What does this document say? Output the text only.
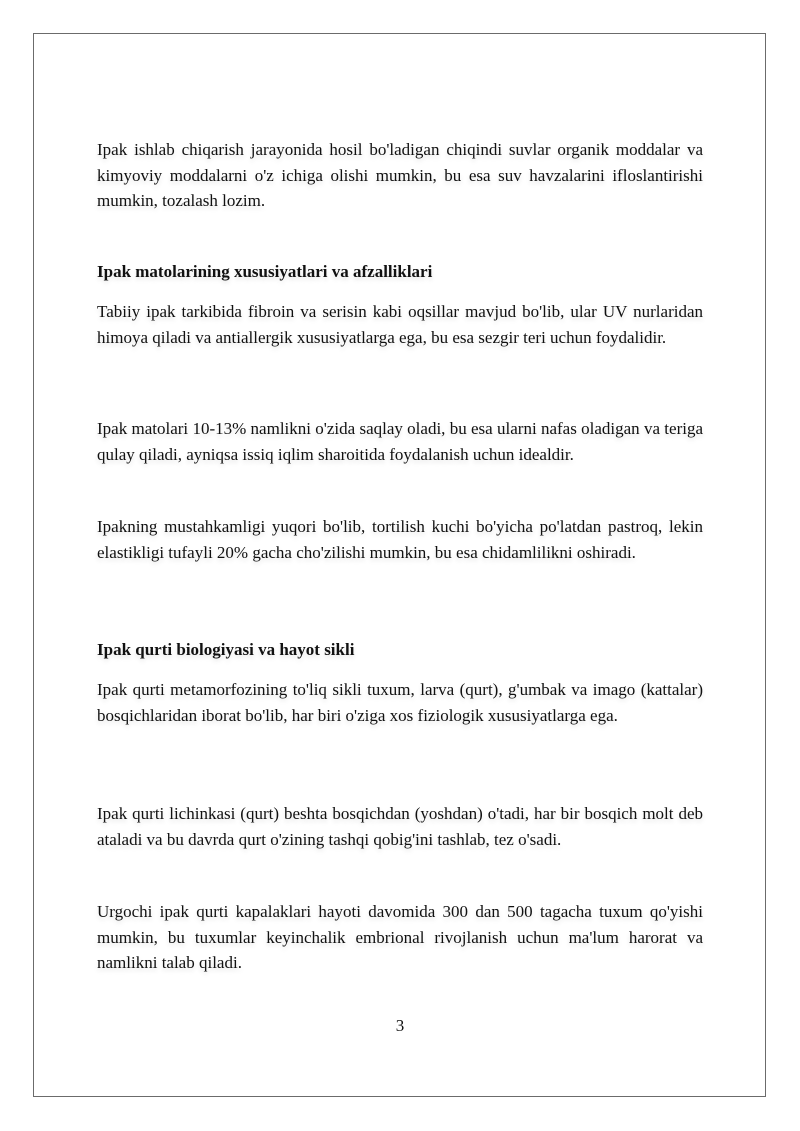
Ipak ishlab chiqarish jarayonida hosil bo'ladigan chiqindi suvlar organik moddalar va kimyoviy moddalarni o'z ichiga olishi mumkin, bu esa suv havzalarini ifloslantirishi mumkin, tozalash lozim.

Ipak matolarining xususiyatlari va afzalliklari

Tabiiy ipak tarkibida fibroin va serisin kabi oqsillar mavjud bo'lib, ular UV nurlaridan himoya qiladi va antiallergik xususiyatlarga ega, bu esa sezgir teri uchun foydalidir.

Ipak matolari 10-13% namlikni o'zida saqlay oladi, bu esa ularni nafas oladigan va teriga qulay qiladi, ayniqsa issiq iqlim sharoitida foydalanish uchun idealdir.

Ipakning mustahkamligi yuqori bo'lib, tortilish kuchi bo'yicha po'latdan pastroq, lekin elastikligi tufayli 20% gacha cho'zilishi mumkin, bu esa chidamlilikni oshiradi.

Ipak qurti biologiyasi va hayot sikli

Ipak qurti metamorfozining to'liq sikli tuxum, larva (qurt), g'umbak va imago (kattalar) bosqichlaridan iborat bo'lib, har biri o'ziga xos fiziologik xususiyatlarga ega.

Ipak qurti lichinkasi (qurt) beshta bosqichdan (yoshdan) o'tadi, har bir bosqich molt deb ataladi va bu davrda qurt o'zining tashqi qobig'ini tashlab, tez o'sadi.

Urgochi ipak qurti kapalaklari hayoti davomida 300 dan 500 tagacha tuxum qo'yishi mumkin, bu tuxumlar keyinchalik embrional rivojlanish uchun ma'lum harorat va namlikni talab qiladi.

3
